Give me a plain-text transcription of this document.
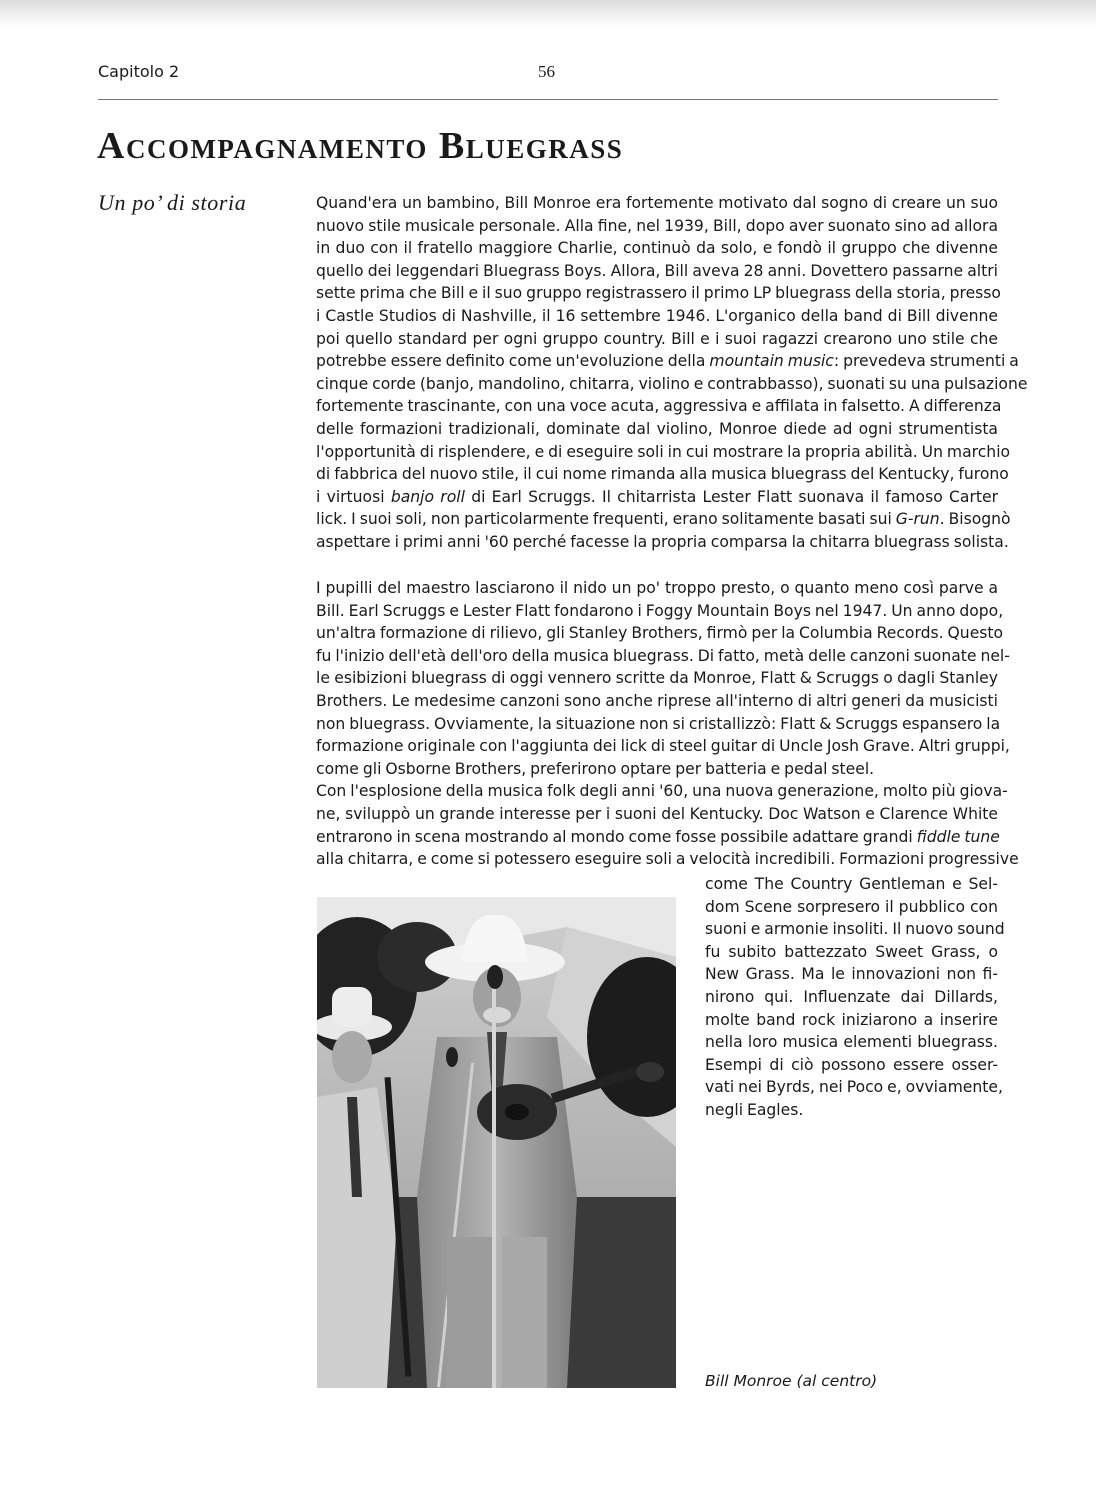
Capitolo 2	56
Accompagnamento Bluegrass
Un po’ di storia	Quand'era un bambino, Bill Monroe era fortemente motivato dal sogno di creare un suo
nuovo stile musicale personale. Alla fine, nel 1939, Bill, dopo aver suonato sino ad allora
in duo con il fratello maggiore Charlie, continuò da solo, e fondò il gruppo che divenne
quello dei leggendari Bluegrass Boys. Allora, Bill aveva 28 anni. Dovettero passarne altri
sette prima che Bill e il suo gruppo registrassero il primo LP bluegrass della storia, presso
i Castle Studios di Nashville, il 16 settembre 1946. L'organico della band di Bill divenne
poi quello standard per ogni gruppo country. Bill e i suoi ragazzi crearono uno stile che
potrebbe essere definito come un'evoluzione della mountain music: prevedeva strumenti a
cinque corde (banjo, mandolino, chitarra, violino e contrabbasso), suonati su una pulsazione
fortemente trascinante, con una voce acuta, aggressiva e affilata in falsetto. A differenza
delle formazioni tradizionali, dominate dal violino, Monroe diede ad ogni strumentista
l'opportunità di risplendere, e di eseguire soli in cui mostrare la propria abilità. Un marchio
di fabbrica del nuovo stile, il cui nome rimanda alla musica bluegrass del Kentucky, furono
i virtuosi banjo roll di Earl Scruggs. Il chitarrista Lester Flatt suonava il famoso Carter
lick. I suoi soli, non particolarmente frequenti, erano solitamente basati sui G-run. Bisognò
aspettare i primi anni '60 perché facesse la propria comparsa la chitarra bluegrass solista.
I pupilli del maestro lasciarono il nido un po' troppo presto, o quanto meno così parve a
Bill. Earl Scruggs e Lester Flatt fondarono i Foggy Mountain Boys nel 1947. Un anno dopo,
un'altra formazione di rilievo, gli Stanley Brothers, firmò per la Columbia Records. Questo
fu l'inizio dell'età dell'oro della musica bluegrass. Di fatto, metà delle canzoni suonate nel-
le esibizioni bluegrass di oggi vennero scritte da Monroe, Flatt & Scruggs o dagli Stanley
Brothers. Le medesime canzoni sono anche riprese all'interno di altri generi da musicisti
non bluegrass. Ovviamente, la situazione non si cristallizzò: Flatt & Scruggs espansero la
formazione originale con l'aggiunta dei lick di steel guitar di Uncle Josh Grave. Altri gruppi,
come gli Osborne Brothers, preferirono optare per batteria e pedal steel.
Con l'esplosione della musica folk degli anni '60, una nuova generazione, molto più giova-
ne, sviluppò un grande interesse per i suoni del Kentucky. Doc Watson e Clarence White
entrarono in scena mostrando al mondo come fosse possibile adattare grandi fiddle tune
alla chitarra, e come si potessero eseguire soli a velocità incredibili. Formazioni progressive
come The Country Gentleman e Sel-
dom Scene sorpresero il pubblico con
suoni e armonie insoliti. Il nuovo sound
fu subito battezzato Sweet Grass, o
New Grass. Ma le innovazioni non fi-
nirono qui. Influenzate dai Dillards,
molte band rock iniziarono a inserire
nella loro musica elementi bluegrass.
Esempi di ciò possono essere osser-
vati nei Byrds, nei Poco e, ovviamente,
negli Eagles.
Bill Monroe (al centro)
